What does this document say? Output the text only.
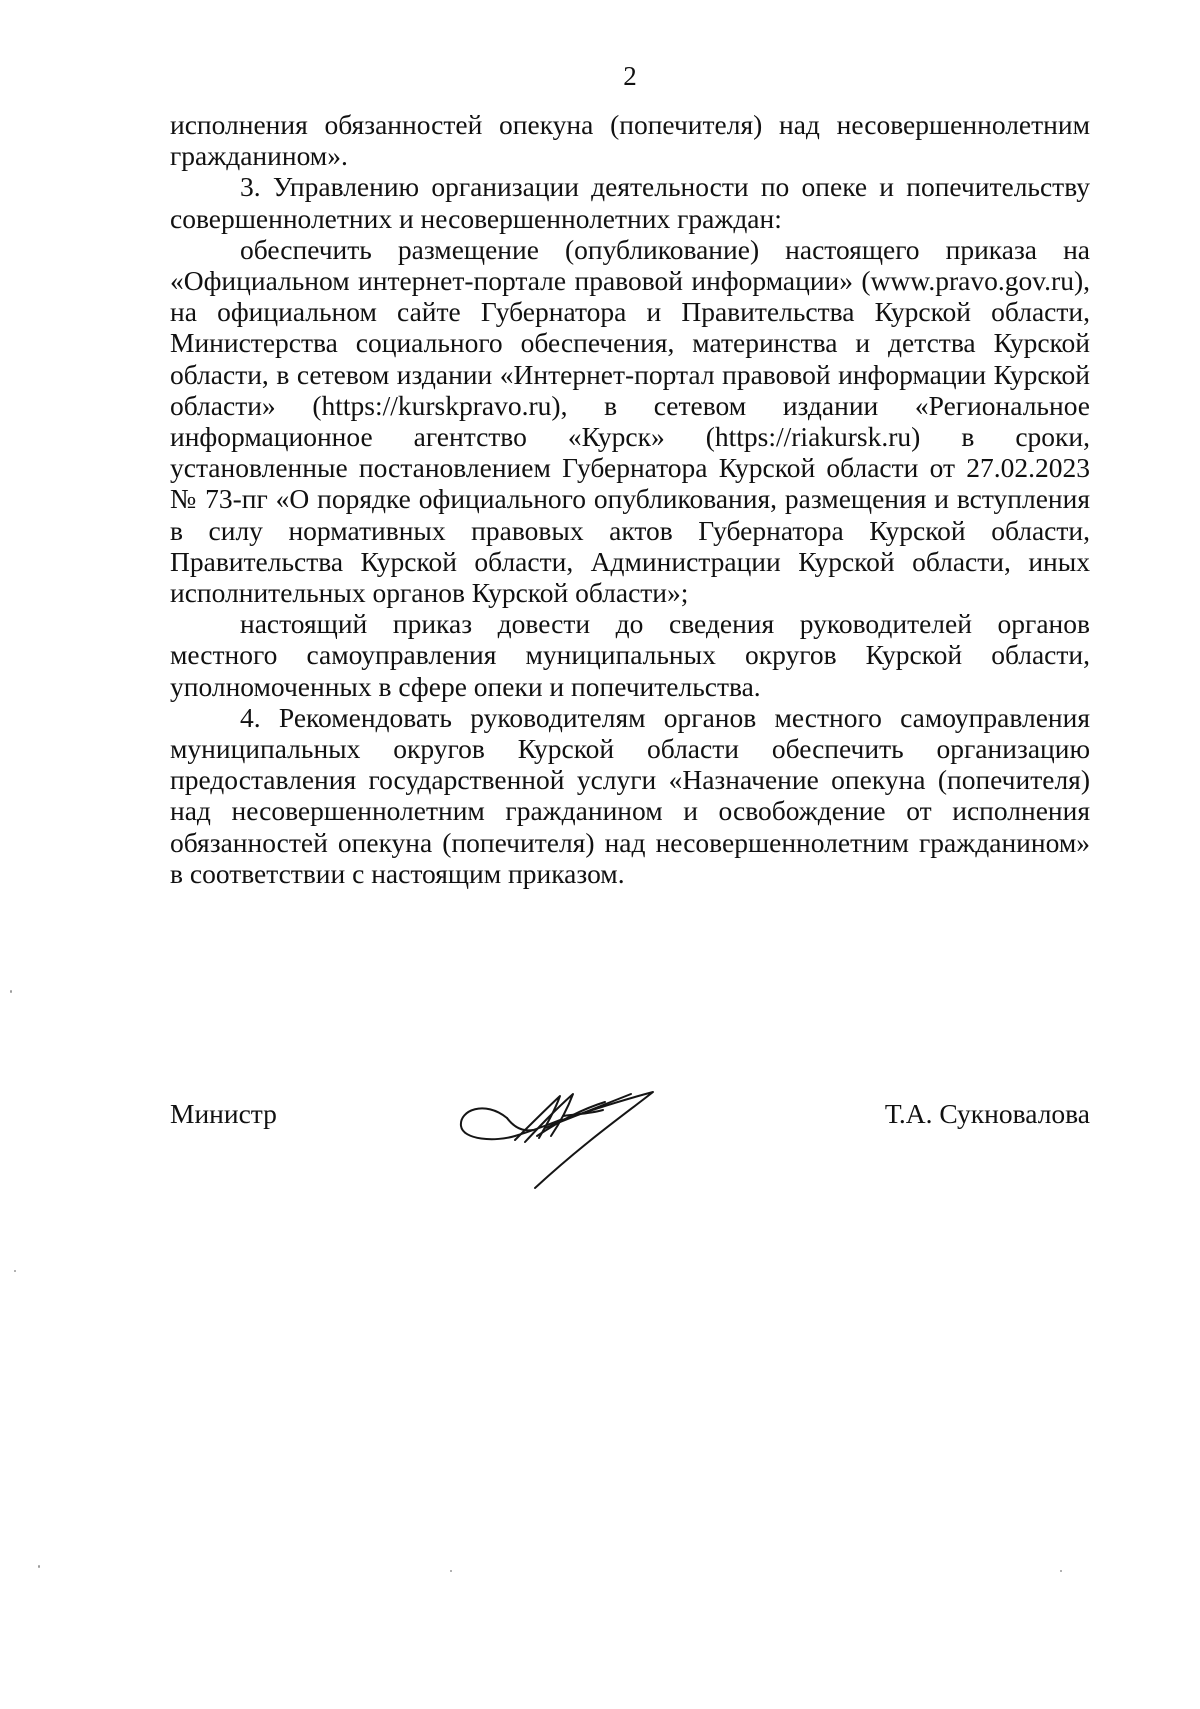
2

исполнения обязанностей опекуна (попечителя) над несовершеннолетним гражданином».

3. Управлению организации деятельности по опеке и попечительству совершеннолетних и несовершеннолетних граждан:

обеспечить размещение (опубликование) настоящего приказа на «Официальном интернет-портале правовой информации» (www.pravo.gov.ru), на официальном сайте Губернатора и Правительства Курской области, Министерства социального обеспечения, материнства и детства Курской области, в сетевом издании «Интернет-портал правовой информации Курской области» (https://kurskpravo.ru), в сетевом издании «Региональное информационное агентство «Курск» (https://riakursk.ru) в сроки, установленные постановлением Губернатора Курской области от 27.02.2023 № 73-пг «О порядке официального опубликования, размещения и вступления в силу нормативных правовых актов Губернатора Курской области, Правительства Курской области, Администрации Курской области, иных исполнительных органов Курской области»;

настоящий приказ довести до сведения руководителей органов местного самоуправления муниципальных округов Курской области, уполномоченных в сфере опеки и попечительства.

4. Рекомендовать руководителям органов местного самоуправления муниципальных округов Курской области обеспечить организацию предоставления государственной услуги «Назначение опекуна (попечителя) над несовершеннолетним гражданином и освобождение от исполнения обязанностей опекуна (попечителя) над несовершеннолетним гражданином» в соответствии с настоящим приказом.

Министр	Т.А. Сукновалова
